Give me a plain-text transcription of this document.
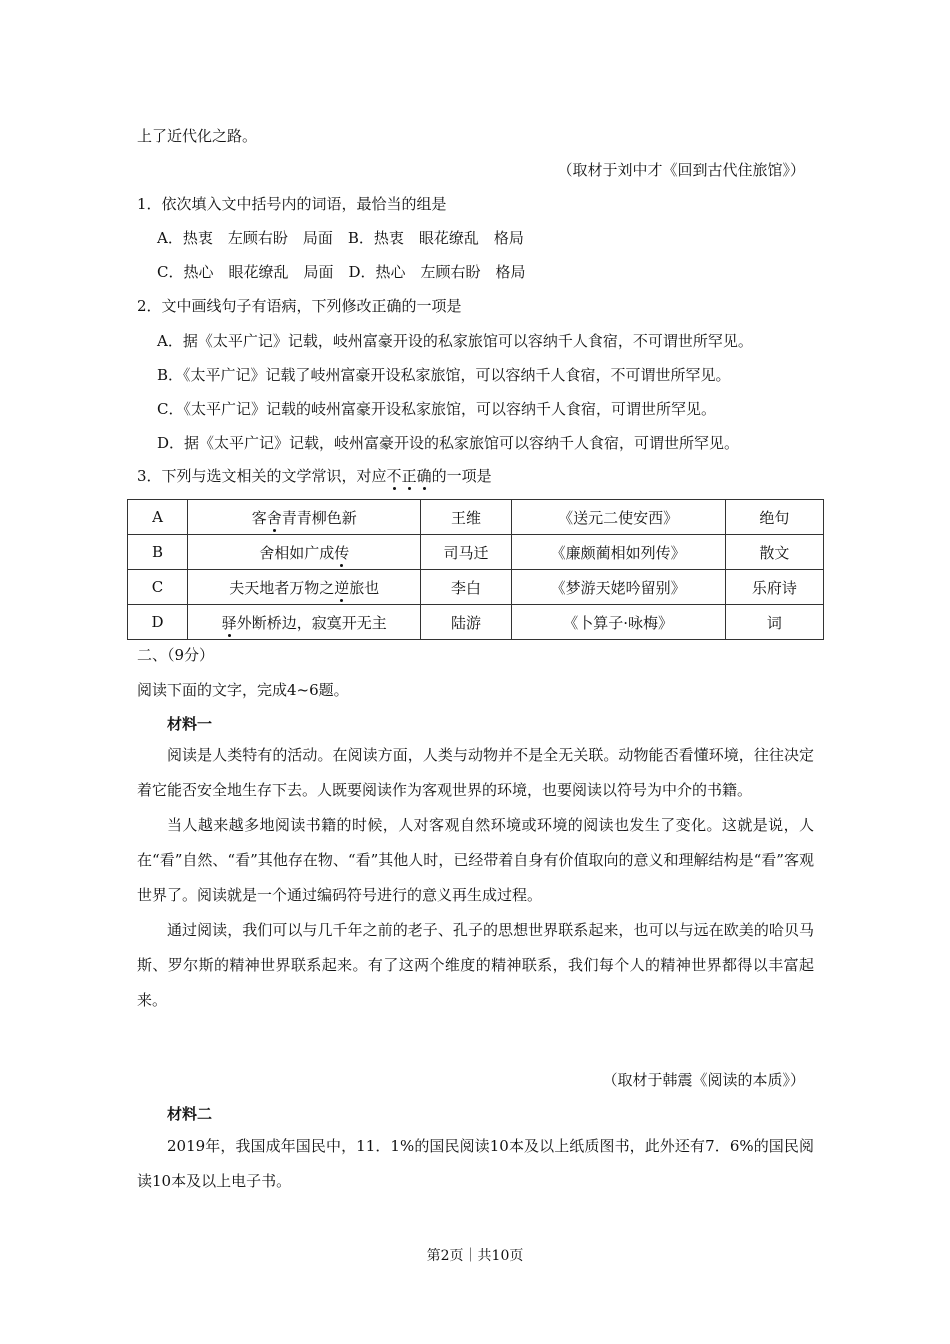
上了近代化之路。
（取材于刘中才《回到古代住旅馆》）
1．依次填入文中括号内的词语，最恰当的组是
A．热衷　左顾右盼　局面　B．热衷　眼花缭乱　格局
C．热心　眼花缭乱　局面　D．热心　左顾右盼　格局
2．文中画线句子有语病，下列修改正确的一项是
A．据《太平广记》记载，岐州富豪开设的私家旅馆可以容纳千人食宿，不可谓世所罕见。
B．《太平广记》记载了岐州富豪开设私家旅馆，可以容纳千人食宿，不可谓世所罕见。
C．《太平广记》记载的岐州富豪开设私家旅馆，可以容纳千人食宿，可谓世所罕见。
D．据《太平广记》记载，岐州富豪开设的私家旅馆可以容纳千人食宿，可谓世所罕见。
3．下列与选文相关的文学常识，对应不正确的一项是
A	客舍青青柳色新	王维	《送元二使安西》	绝句
B	舍相如广成传	司马迁	《廉颇蔺相如列传》	散文
C	夫天地者万物之逆旅也	李白	《梦游天姥吟留别》	乐府诗
D	驿外断桥边，寂寞开无主	陆游	《卜算子·咏梅》	词
二、（9分）
阅读下面的文字，完成4~6题。
材料一

阅读是人类特有的活动。在阅读方面，人类与动物并不是全无关联。动物能否看懂环境，往往决定着它能否安全地生存下去。人既要阅读作为客观世界的环境，也要阅读以符号为中介的书籍。

当人越来越多地阅读书籍的时候，人对客观自然环境或环境的阅读也发生了变化。这就是说，人在“看”自然、“看”其他存在物、“看”其他人时，已经带着自身有价值取向的意义和理解结构是“看”客观世界了。阅读就是一个通过编码符号进行的意义再生成过程。

通过阅读，我们可以与几千年之前的老子、孔子的思想世界联系起来，也可以与远在欧美的哈贝马斯、罗尔斯的精神世界联系起来。有了这两个维度的精神联系，我们每个人的精神世界都得以丰富起来。

（取材于韩震《阅读的本质》）
材料二

2019年，我国成年国民中，11．1%的国民阅读10本及以上纸质图书，此外还有7．6%的国民阅读10本及以上电子书。

第2页｜共10页
